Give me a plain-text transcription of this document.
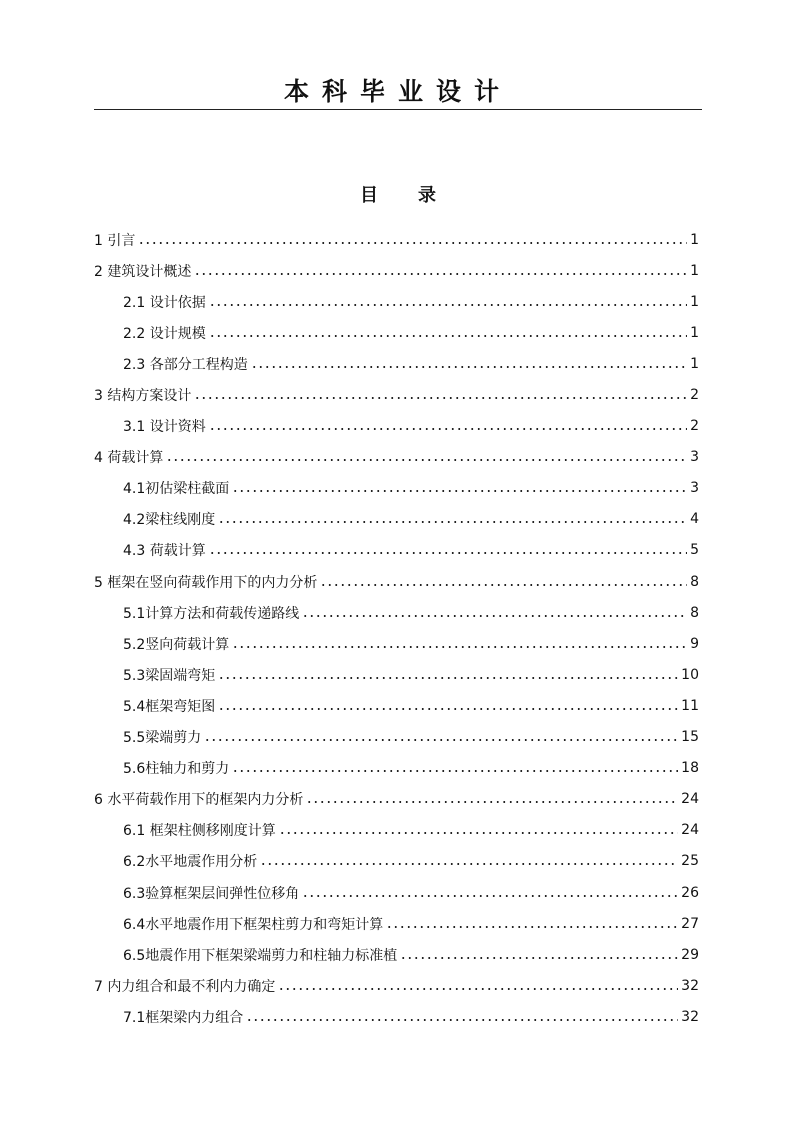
本科毕业设计
目 录
1 引言	1
2 建筑设计概述	1
2.1 设计依据	1
2.2 设计规模	1
2.3 各部分工程构造	1
3 结构方案设计	2
3.1 设计资料	2
4 荷载计算	3
4.1初估梁柱截面	3
4.2梁柱线刚度	4
4.3 荷载计算	5
5 框架在竖向荷载作用下的内力分析	8
5.1计算方法和荷载传递路线	8
5.2竖向荷载计算	9
5.3梁固端弯矩	10
5.4框架弯矩图	11
5.5梁端剪力	15
5.6柱轴力和剪力	18
6 水平荷载作用下的框架内力分析	24
6.1 框架柱侧移刚度计算	24
6.2水平地震作用分析	25
6.3验算框架层间弹性位移角	26
6.4水平地震作用下框架柱剪力和弯矩计算	27
6.5地震作用下框架梁端剪力和柱轴力标准植	29
7 内力组合和最不利内力确定	32
7.1框架梁内力组合	32
